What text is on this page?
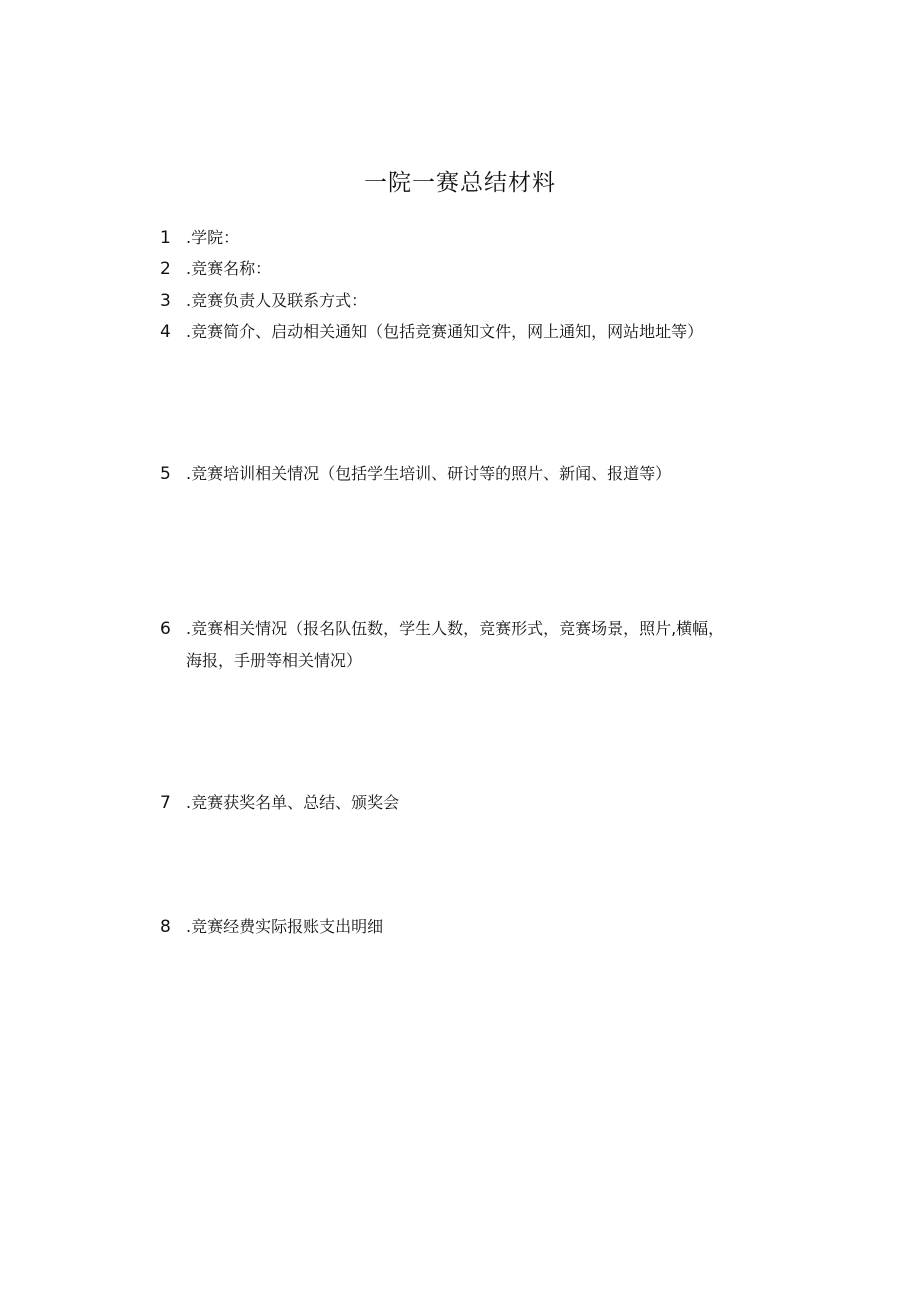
一院一赛总结材料
1 .学院：
2 .竞赛名称：
3 .竞赛负责人及联系方式：
4 .竞赛简介、启动相关通知（包括竞赛通知文件，网上通知，网站地址等）
5 .竞赛培训相关情况（包括学生培训、研讨等的照片、新闻、报道等）
6 .竞赛相关情况（报名队伍数，学生人数，竞赛形式，竞赛场景，照片,横幅，
海报，手册等相关情况）
7 .竞赛获奖名单、总结、颁奖会
8 .竞赛经费实际报账支出明细
